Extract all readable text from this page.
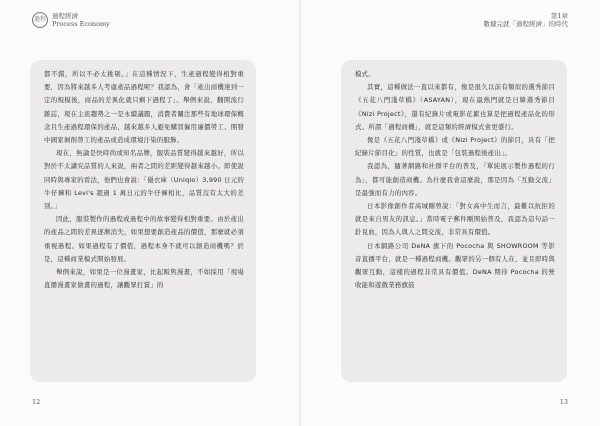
過程 過程經濟
Process Economy
第1章
數據完就「過程經濟」的時代

都不錯，所以不必太挑剔。」在這種情況下，生產過程變得相對重要，因為將來越多人考慮產品過程呢？我認為，會「產出商機達到一定的規模後，商品的差異化就只剩下過程了」。舉例來說，翻開流行雜誌，現在主流趨勢之一是永續議題，消費者關注那些有地球環保概念且生產過程環保的產品，越來越多人避免購買僱用廉價勞工、開發中國家剝削勞工的產品或造成環境汙染的服飾。

現在，無論是快時尚或知名品牌，服裝品質變得越來越好，所以對於不太講究品質的人來說，兩者之間的差距變得越來越小。即使說同時與專家的看法，他們也會說：「優衣庫（Uniqlo）3,990 日元的牛仔褲和 Levi's 超過 1 萬日元的牛仔褲相比，品質沒有太大的差別。」

因此，服裝製作的過程或過程中的故事變得相對重要。由於產出的產品之間的差異逐漸消失，如果想要創造產品的價值，那麼就必須重視過程。如果過程有了價值，過程本身不就可以創造商機嗎？於是，這種商業模式開始發展。

舉例來說，如果是一位漫畫家，比起販售漫畫，不如採用「現場直播漫畫家做畫的過程，讓觀眾打賞」的

模式。

其實，這種做法一直以來都有，像是很久以前有類似的選秀節目《五花八門淺草橋》（ASAYAN），現在最熱門就是日韓選秀節目《Nizi Project》，還有紀錄片或電影花絮也算是把過程產品化的形式。所謂「過程商機」，就是這類的經濟模式會更盛行。

像是《五花八門淺草橋》或《Nizi Project》的節目，具有「把紀錄片節目化」的性質，也就是「包裝過程後產出」。

我認為，隨著網路和社群平台的普及，「單純展示製作過程的行為」，都可能創造商機。為什麼我會這麼說，那是因為「互動交流」是最強而有力的內容。

日本影像創作者高城剛曾說：「對女高中生而言，最難以抗拒的就是來自男友的訊息。」當時電子郵件剛開始普及，我認為這句話一針見血，因為人與人之間交流，非常具有價值。

日本網路公司 DeNA 旗下的 Pococha 與 SHOWROOM 等影音直播平台，就是一種過程商機。觀眾的另一個有人在，並且即時與觀眾互動，這樣的過程非常具有價值。DeNA 期待 Pococha 的營收能和遊戲業務旗鼓

12	13
